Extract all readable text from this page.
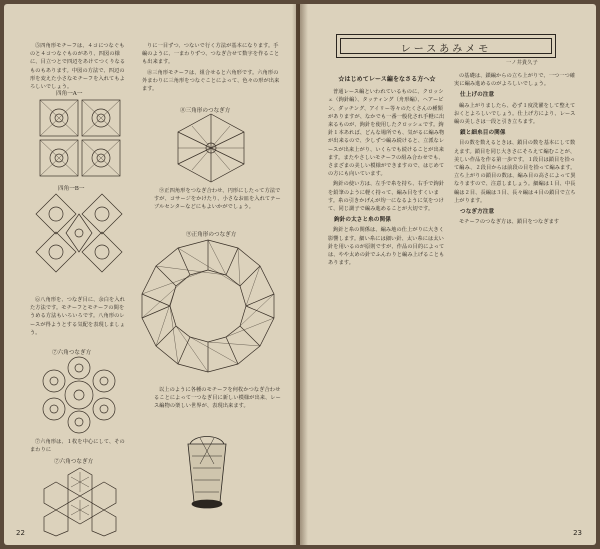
⑤四角形モチーフは、４コにつなぐものと４コつなぐものがあり、四図の様に、目立つとで四辺をあけてつくりなるものもあります。中図の方法で、四辺の形を変えた小さなモチーフを入れてもよろしいでしょう。

四角一A一
四角一B一

⑥八角形を、つなぎ目に、余白を入れた方法です。モチーフとモチーフの間をうめる方法もいろいろです。八角形のレースが得ようとする気配を表現しましょう。

⑦六角つなぎ方

⑦六角形は、１枚を中心にして、そのまわりに

⑦六角つなぎ方

りに一目ずつ、つないで行く方法が基本になります。手編のように、一まわりずつ、つなぎ合せて数字を作ることも出来ます。

⑧三角形モチーフは、組合せると六角形です。六角形の外まわりに三角形をつなぐことによって、色々の形が出来ます。

⑧三角形のつなぎ方

⑨正四角形をつなぎ合わせ、円形にしたって方法ですが、コサージをかけたり、小さなお皿を入れてテーブルセンターなどにもよいかがでしょう。

⑨正角形のつなぎ方

以上のように各種のモチーフを何枚かつなぎ合わせることによって一つなぎ目に新しい模様が出来、レース編物の楽しい世界が、表現出来ます。

22
レースあみメモ
一ノ井貴久子
☆はじめてレース編をなさる方へ☆

普通レース編といわれているものに、クロッシェ（鉤針編）、タッティング（舟形編）、ヘアーピン、ダッチング、アイリー等々のたくさんの種類がありますが、なかでも一番一般化され手軽に出来るものが、鉤針を使用したクロッシェです。鉤針１本あれば、どんな場所でも、気がるに編み物が出来るので、少しずつ編み続けると、立派なレースが出来上がり、いくらでも続けることが出来ます。またやさしいモチーフの組み合わせでも、さまざまの美しい模様ができますので、はじめての方にも向いています。

鉤針の使い方は、左手で糸を持ち、右手で鉤針を鉛筆のように軽く持って、編み目をすくいます。糸の引きかげんが均一になるように気をつけて、同じ調子で編み進めることが大切です。

鉤針の太さと糸の関係

鉤針と糸の関係は、編み地の仕上がりに大きく影響します。細い糸には細い針、太い糸には太い針を用いるのが原則ですが、作品の目的によっては、やや太めの針でふんわりと編み上げることもあります。

の基礎は、鎖編からの立ち上がりで、一つ一つ確実に編み進めるのがよろしいでしょう。

仕上げの注意

編み上がりましたら、必ず１度洗濯をして整えておくとよろしいでしょう。仕上げ方により、レース編の美しさは一段と引き立ちます。

鎖と細糸目の関係

目の数を数えるときは、鎖目の数を基本にして数えます。鎖目を同じ大きさにそろえて編むことが、美しい作品を作る第一歩です。１段目は鎖目を拾って編み、２段目からは前段の目を拾って編みます。立ち上がりの鎖目の数は、編み目の高さによって異なりますので、注意しましょう。細編は１目、中長編は２目、長編は３目、長々編は４目の鎖目で立ち上がります。

つなぎ方注意

モチーフのつなぎ方は、鎖目をつなぎます

23
